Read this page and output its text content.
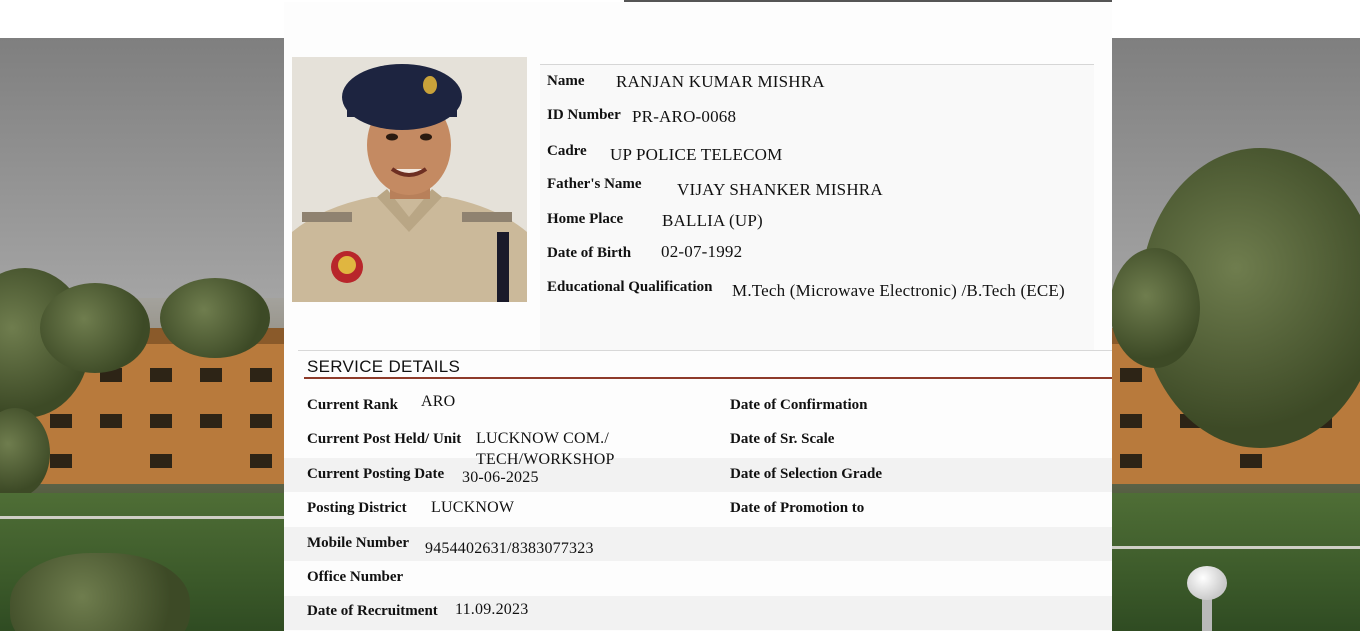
Name RANJAN KUMAR MISHRA
ID Number PR-ARO-0068
Cadre UP POLICE TELECOM
Father's Name VIJAY SHANKER MISHRA
Home Place BALLIA (UP)
Date of Birth 02-07-1992
Educational Qualification M.Tech (Microwave Electronic) /B.Tech (ECE)
SERVICE DETAILS
Current Rank ARO
Current Post Held/ Unit LUCKNOW COM./
TECH/WORKSHOP
Current Posting Date 30-06-2025
Posting District LUCKNOW
Mobile Number 9454402631/8383077323
Office Number
Date of Recruitment 11.09.2023
Date of Confirmation
Date of Sr. Scale
Date of Selection Grade
Date of Promotion to
